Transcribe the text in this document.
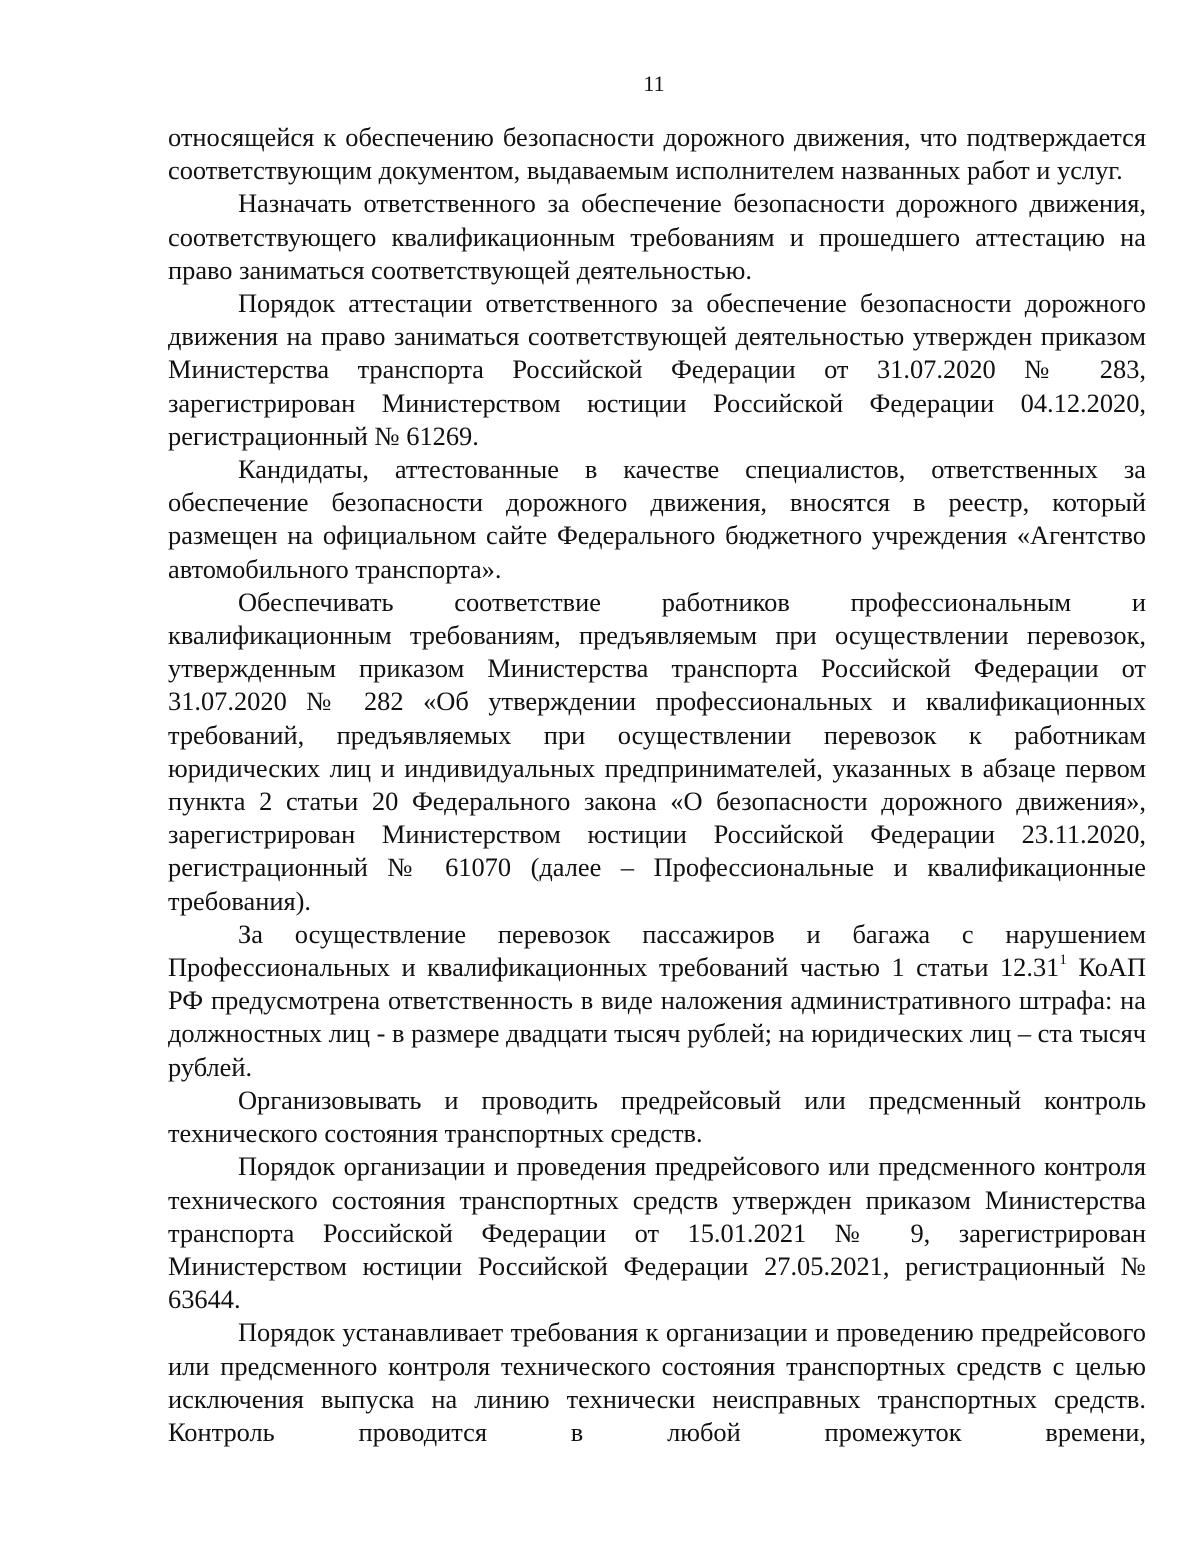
11

относящейся к обеспечению безопасности дорожного движения, что подтверждается соответствующим документом, выдаваемым исполнителем названных работ и услуг.

Назначать ответственного за обеспечение безопасности дорожного движения, соответствующего квалификационным требованиям и прошедшего аттестацию на право заниматься соответствующей деятельностью.

Порядок аттестации ответственного за обеспечение безопасности дорожного движения на право заниматься соответствующей деятельностью утвержден приказом Министерства транспорта Российской Федерации от 31.07.2020 № 283, зарегистрирован Министерством юстиции Российской Федерации 04.12.2020, регистрационный № 61269.

Кандидаты, аттестованные в качестве специалистов, ответственных за обеспечение безопасности дорожного движения, вносятся в реестр, который размещен на официальном сайте Федерального бюджетного учреждения «Агентство автомобильного транспорта».

Обеспечивать соответствие работников профессиональным и квалификационным требованиям, предъявляемым при осуществлении перевозок, утвержденным приказом Министерства транспорта Российской Федерации от 31.07.2020 № 282 «Об утверждении профессиональных и квалификационных требований, предъявляемых при осуществлении перевозок к работникам юридических лиц и индивидуальных предпринимателей, указанных в абзаце первом пункта 2 статьи 20 Федерального закона «О безопасности дорожного движения», зарегистрирован Министерством юстиции Российской Федерации 23.11.2020, регистрационный № 61070 (далее – Профессиональные и квалификационные требования).

За осуществление перевозок пассажиров и багажа с нарушением Профессиональных и квалификационных требований частью 1 статьи 12.31$^1$ КоАП РФ предусмотрена ответственность в виде наложения административного штрафа: на должностных лиц - в размере двадцати тысяч рублей; на юридических лиц – ста тысяч рублей.

Организовывать и проводить предрейсовый или предсменный контроль технического состояния транспортных средств.

Порядок организации и проведения предрейсового или предсменного контроля технического состояния транспортных средств утвержден приказом Министерства транспорта Российской Федерации от 15.01.2021 № 9, зарегистрирован Министерством юстиции Российской Федерации 27.05.2021, регистрационный № 63644.

Порядок устанавливает требования к организации и проведению предрейсового или предсменного контроля технического состояния транспортных средств с целью исключения выпуска на линию технически неисправных транспортных средств. Контроль проводится в любой промежуток времени,
